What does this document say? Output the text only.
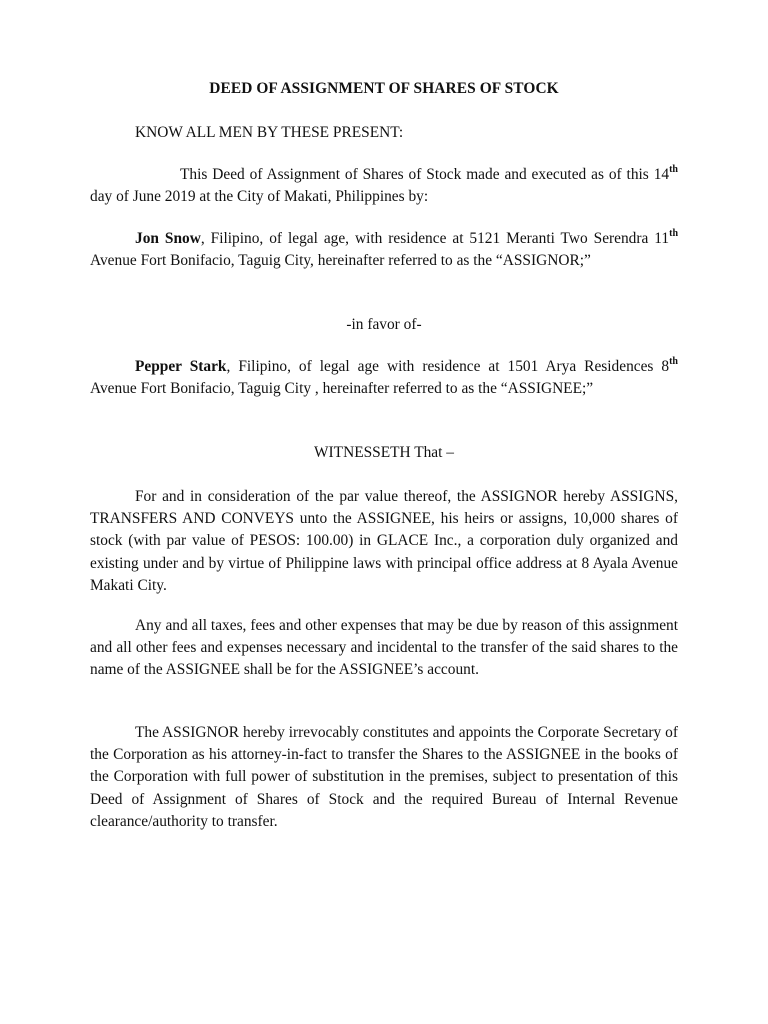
DEED OF ASSIGNMENT OF SHARES OF STOCK
KNOW ALL MEN BY THESE PRESENT:

This Deed of Assignment of Shares of Stock made and executed as of this 14th day of June 2019 at the City of Makati, Philippines by:

Jon Snow, Filipino, of legal age, with residence at 5121 Meranti Two Serendra 11th Avenue Fort Bonifacio, Taguig City, hereinafter referred to as the “ASSIGNOR;”

-in favor of-

Pepper Stark, Filipino, of legal age with residence at 1501 Arya Residences 8th Avenue Fort Bonifacio, Taguig City , hereinafter referred to as the “ASSIGNEE;”

WITNESSETH That –

For and in consideration of the par value thereof, the ASSIGNOR hereby ASSIGNS, TRANSFERS AND CONVEYS unto the ASSIGNEE, his heirs or assigns, 10,000 shares of stock (with par value of PESOS: 100.00) in GLACE Inc., a corporation duly organized and existing under and by virtue of Philippine laws with principal office address at 8 Ayala Avenue Makati City.

Any and all taxes, fees and other expenses that may be due by reason of this assignment and all other fees and expenses necessary and incidental to the transfer of the said shares to the name of the ASSIGNEE shall be for the ASSIGNEE’s account.

The ASSIGNOR hereby irrevocably constitutes and appoints the Corporate Secretary of the Corporation as his attorney-in-fact to transfer the Shares to the ASSIGNEE in the books of the Corporation with full power of substitution in the premises, subject to presentation of this Deed of Assignment of Shares of Stock and the required Bureau of Internal Revenue clearance/authority to transfer.
